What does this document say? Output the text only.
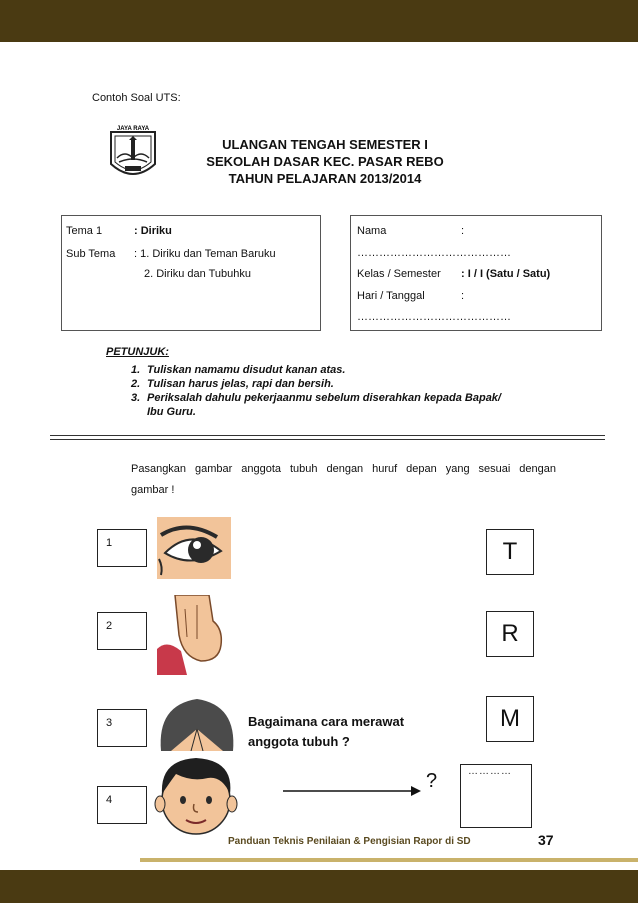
Contoh Soal UTS:
JAYA RAYA
ULANGAN TENGAH SEMESTER I
SEKOLAH DASAR KEC. PASAR REBO
TAHUN PELAJARAN 2013/2014
Tema 1	: Diriku
Sub Tema : 1. Diriku dan Teman Baruku
2. Diriku dan Tubuhku
Nama	:
……………………………………
Kelas / Semester : I / I (Satu / Satu)
Hari / Tanggal	:
……………………………………
PETUNJUK:
1. Tuliskan namamu disudut kanan atas.
2. Tulisan harus jelas, rapi dan bersih.
3. Periksalah dahulu pekerjaanmu sebelum diserahkan kepada Bapak/
Ibu Guru.
Pasangkan gambar anggota tubuh dengan huruf depan yang sesuai dengan
gambar !
1
2
3
4
T
R
M
Bagaimana cara merawat
anggota tubuh ?
?	…………
Panduan Teknis Penilaian & Pengisian Rapor di SD	37
